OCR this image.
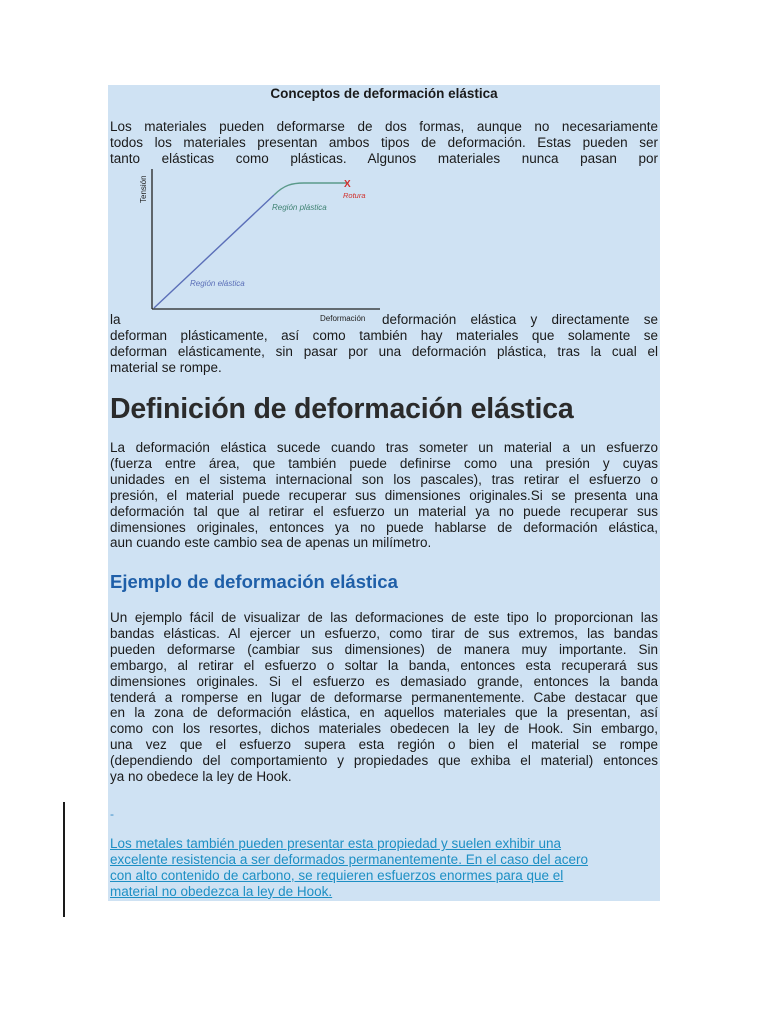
Conceptos de deformación elástica
Los materiales pueden deformarse de dos formas, aunque no necesariamente
todos los materiales presentan ambos tipos de deformación. Estas pueden ser
tanto elásticas como plásticas. Algunos materiales nunca pasan por
Tensión
Deformación
Región elástica
Región plástica
X
Rotura
la	deformación elástica y directamente se
deforman plásticamente, así como también hay materiales que solamente se
deforman elásticamente, sin pasar por una deformación plástica, tras la cual el
material se rompe.
Definición de deformación elástica
La deformación elástica sucede cuando tras someter un material a un esfuerzo
(fuerza entre área, que también puede definirse como una presión y cuyas
unidades en el sistema internacional son los pascales), tras retirar el esfuerzo o
presión, el material puede recuperar sus dimensiones originales.Si se presenta una
deformación tal que al retirar el esfuerzo un material ya no puede recuperar sus
dimensiones originales, entonces ya no puede hablarse de deformación elástica,
aun cuando este cambio sea de apenas un milímetro.
Ejemplo de deformación elástica
Un ejemplo fácil de visualizar de las deformaciones de este tipo lo proporcionan las
bandas elásticas. Al ejercer un esfuerzo, como tirar de sus extremos, las bandas
pueden deformarse (cambiar sus dimensiones) de manera muy importante. Sin
embargo, al retirar el esfuerzo o soltar la banda, entonces esta recuperará sus
dimensiones originales. Si el esfuerzo es demasiado grande, entonces la banda
tenderá a romperse en lugar de deformarse permanentemente. Cabe destacar que
en la zona de deformación elástica, en aquellos materiales que la presentan, así
como con los resortes, dichos materiales obedecen la ley de Hook. Sin embargo,
una vez que el esfuerzo supera esta región o bien el material se rompe
(dependiendo del comportamiento y propiedades que exhiba el material) entonces
ya no obedece la ley de Hook.
-
Los metales también pueden presentar esta propiedad y suelen exhibir una
excelente resistencia a ser deformados permanentemente. En el caso del acero
con alto contenido de carbono, se requieren esfuerzos enormes para que el
material no obedezca la ley de Hook.
